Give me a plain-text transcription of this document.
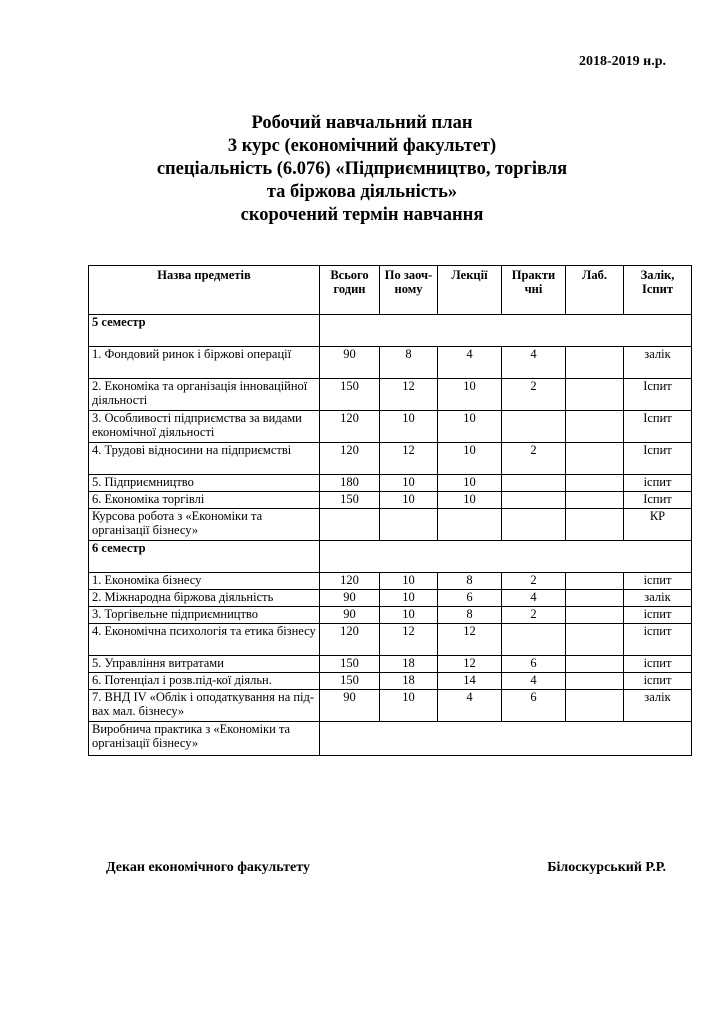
2018-2019 н.р.
Робочий навчальний план
3 курс (економічний факультет)
спеціальність (6.076) «Підприємництво, торгівля
та біржова діяльність»
скорочений термін навчання
Назва предметів	Всього годин	По заоч-ному	Лекції	Практи чні	Лаб.	Залік, Іспит
5 семестр						
1. Фондовий ринок і біржові операції	90	8	4	4		залік
2. Економіка та організація інноваційної діяльності	150	12	10	2		Іспит
3. Особливості підприємства за видами економічної діяльності	120	10	10			Іспит
4. Трудові відносини на підприємстві	120	12	10	2		Іспит
5. Підприємництво	180	10	10			іспит
6. Економіка торгівлі	150	10	10			Іспит
Курсова робота з «Економіки та організації бізнесу»						КР
6 семестр						
1. Економіка бізнесу	120	10	8	2		іспит
2. Міжнародна біржова діяльність	90	10	6	4		залік
3. Торгівельне підприємництво	90	10	8	2		іспит
4. Економічна психологія та етика бізнесу	120	12	12			іспит
5. Управління витратами	150	18	12	6		іспит
6. Потенціал і розв.під-кої діяльн.	150	18	14	4		іспит
7. ВНД IV «Облік і оподаткування на під-вах мал. бізнесу»	90	10	4	6		залік
Виробнича практика з «Економіки та організації бізнесу»						
Декан економічного факультету	Білоскурський Р.Р.
